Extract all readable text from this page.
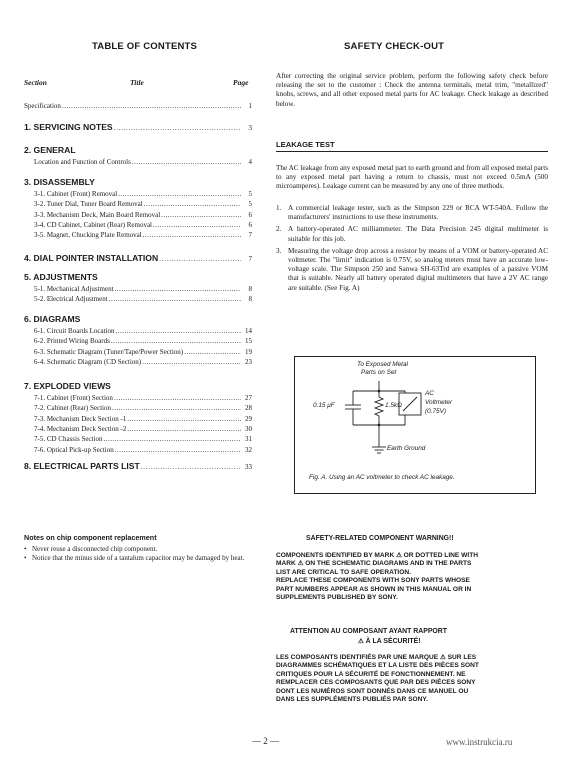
TABLE OF CONTENTS
Section	Title	Page
Specification .....	1
1. SERVICING NOTES .....	3
2. GENERAL
Location and Function of Controls .....	4
3. DISASSEMBLY
3-1. Cabinet (Front) Removal .....	5
3-2. Tuner Dial, Tuner Board Removal .....	5
3-3. Mechanism Deck, Main Board Removal .....	6
3-4. CD Cabinet, Cabinet (Rear) Removal .....	6
3-5. Magnet, Chucking Plate Removal .....	7
4. DIAL POINTER INSTALLATION .....	7
5. ADJUSTMENTS
5-1. Mechanical Adjustment .....	8
5-2. Electrical Adjustment .....	8
6. DIAGRAMS
6-1. Circuit Boards Location .....	14
6-2. Printed Wiring Boards .....	15
6-3. Schematic Diagram (Tuner/Tape/Power Section) .....	19
6-4. Schematic Diagram (CD Section) .....	23
7. EXPLODED VIEWS
7-1. Cabinet (Front) Section .....	27
7-2. Cabinet (Rear) Section .....	28
7-3. Mechanism Deck Section -1 .....	29
7-4. Mechanism Deck Section -2 .....	30
7-5. CD Chassis Section .....	31
7-6. Optical Pick-up Section .....	32
8. ELECTRICAL PARTS LIST .....	33
SAFETY CHECK-OUT
After correcting the original service problem, perform the following safety check before releasing the set to the customer : Check the antenna terminals, metal trim, "metallized" knobs, screws, and all other exposed metal parts for AC leakage. Check leakage as described below.
LEAKAGE TEST
The AC leakage from any exposed metal part to earth ground and from all exposed metal parts to any exposed metal part having a return to chassis, must not exceed 0.5mA (500 microamperes). Leakage current can be measured by any one of three methods.
1. A commercial leakage tester, such as the Simpson 229 or RCA WT-540A. Follow the manufacturers' instructions to use these instruments.
2. A battery-operated AC milliammeter. The Data Precision 245 digital multimeter is suitable for this job.
3. Measuring the voltage drop across a resistor by means of a VOM or battery-operated AC voltmeter. The "limit" indication is 0.75V, so analog meters must have an accurate low-voltage scale. The Simpson 250 and Sanwa SH-63Trd are examples of a passive VOM that is suitable. Nearly all battery operated digital multimeters that have a 2V AC range are suitable. (See Fig. A)
To Exposed Metal
Parts on Set
0.15 μF	1.5kΩ
AC
Voltmeter
(0.75V)
Earth Ground
Fig. A. Using an AC voltmeter to check AC leakage.
Notes on chip component replacement
• Never reuse a disconnected chip component.
• Notice that the minus side of a tantalum capacitor may be damaged by heat.
SAFETY-RELATED COMPONENT WARNING!!
COMPONENTS IDENTIFIED BY MARK ⚠ OR DOTTED LINE WITH
MARK ⚠ ON THE SCHEMATIC DIAGRAMS AND IN THE PARTS
LIST ARE CRITICAL TO SAFE OPERATION.
REPLACE THESE COMPONENTS WITH SONY PARTS WHOSE
PART NUMBERS APPEAR AS SHOWN IN THIS MANUAL OR IN
SUPPLEMENTS PUBLISHED BY SONY.
ATTENTION AU COMPOSANT AYANT RAPPORT
⚠ À LA SÉCURITÉ!
LES COMPOSANTS IDENTIFIÉS PAR UNE MARQUE ⚠ SUR LES
DIAGRAMMES SCHÉMATIQUES ET LA LISTE DES PIÈCES SONT
CRITIQUES POUR LA SÉCURITÉ DE FONCTIONNEMENT. NE
REMPLACER CES COMPOSANTS QUE PAR DES PIÈCES SONY
DONT LES NUMÉROS SONT DONNÉS DANS CE MANUEL OU
DANS LES SUPPLÉMENTS PUBLIÉS PAR SONY.
— 2 —	www.instrukcia.ru
